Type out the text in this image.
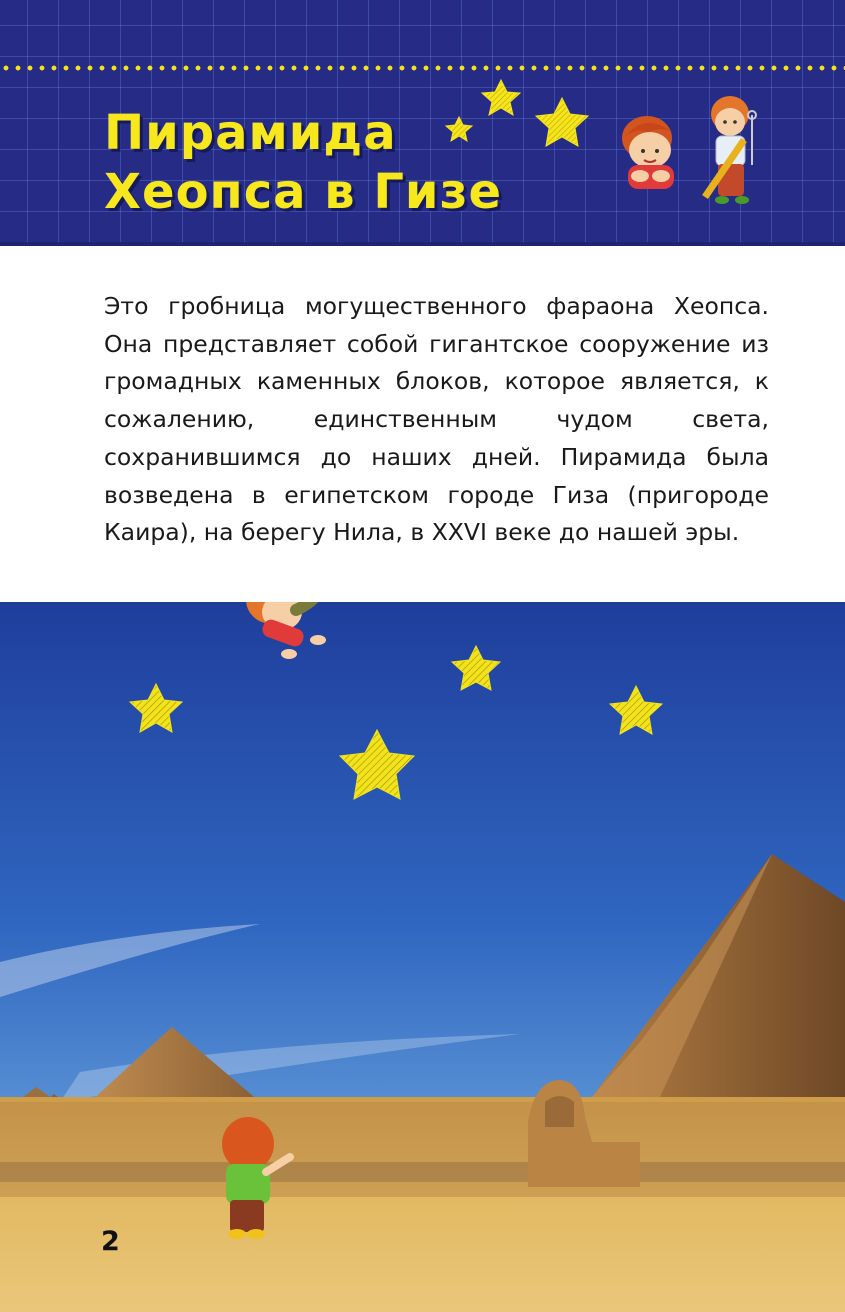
Пирамида
Хеопса в Гизе

Это гробница могущественного фараона Хеопса. Она представляет собой гигантское сооружение из громадных каменных блоков, которое является, к сожалению, единственным чудом света, сохранившимся до наших дней. Пирамида была возведена в египетском городе Гиза (пригороде Каира), на берегу Нила, в XXVI веке до нашей эры.

2
